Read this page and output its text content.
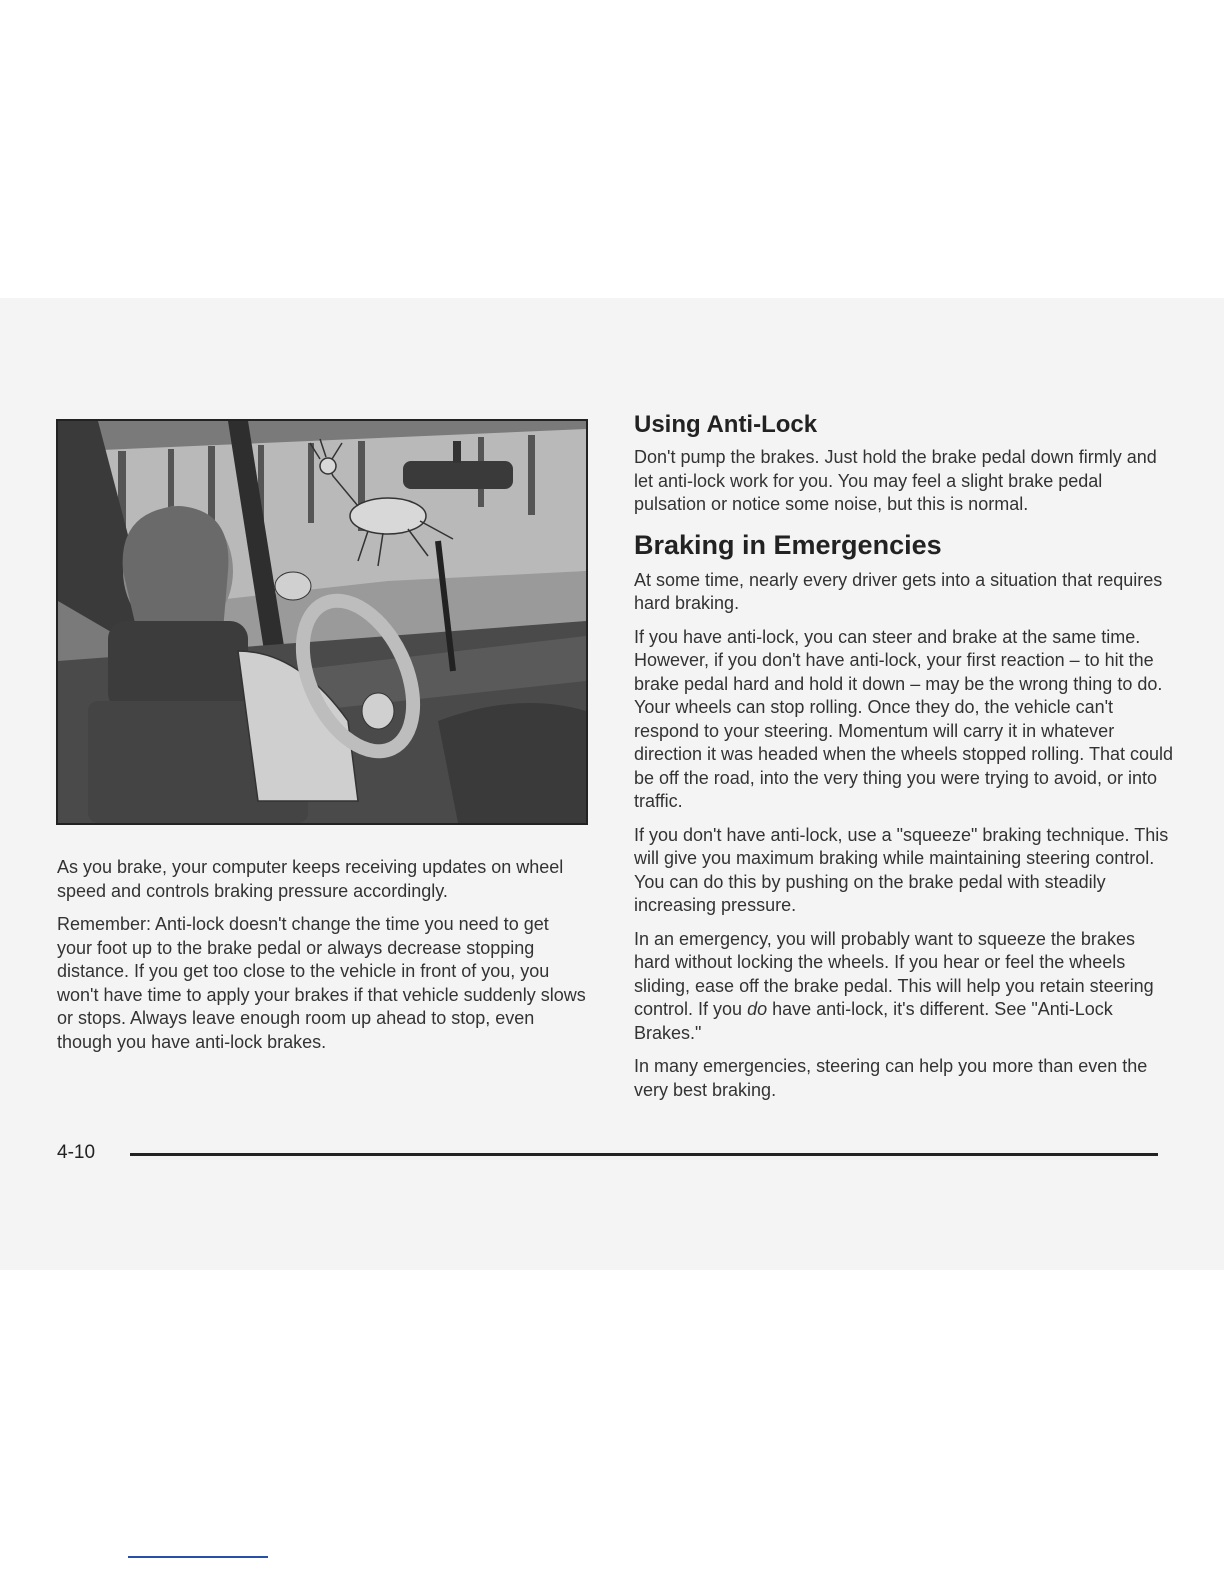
As you brake, your computer keeps receiving updates on wheel speed and controls braking pressure accordingly.

Remember: Anti-lock doesn't change the time you need to get your foot up to the brake pedal or always decrease stopping distance. If you get too close to the vehicle in front of you, you won't have time to apply your brakes if that vehicle suddenly slows or stops. Always leave enough room up ahead to stop, even though you have anti-lock brakes.

Using Anti-Lock

Don't pump the brakes. Just hold the brake pedal down firmly and let anti-lock work for you. You may feel a slight brake pedal pulsation or notice some noise, but this is normal.

Braking in Emergencies

At some time, nearly every driver gets into a situation that requires hard braking.

If you have anti-lock, you can steer and brake at the same time. However, if you don't have anti-lock, your first reaction – to hit the brake pedal hard and hold it down – may be the wrong thing to do. Your wheels can stop rolling. Once they do, the vehicle can't respond to your steering. Momentum will carry it in whatever direction it was headed when the wheels stopped rolling. That could be off the road, into the very thing you were trying to avoid, or into traffic.

If you don't have anti-lock, use a "squeeze" braking technique. This will give you maximum braking while maintaining steering control. You can do this by pushing on the brake pedal with steadily increasing pressure.

In an emergency, you will probably want to squeeze the brakes hard without locking the wheels. If you hear or feel the wheels sliding, ease off the brake pedal. This will help you retain steering control. If you do have anti-lock, it's different. See "Anti-Lock Brakes."

In many emergencies, steering can help you more than even the very best braking.

4-10
